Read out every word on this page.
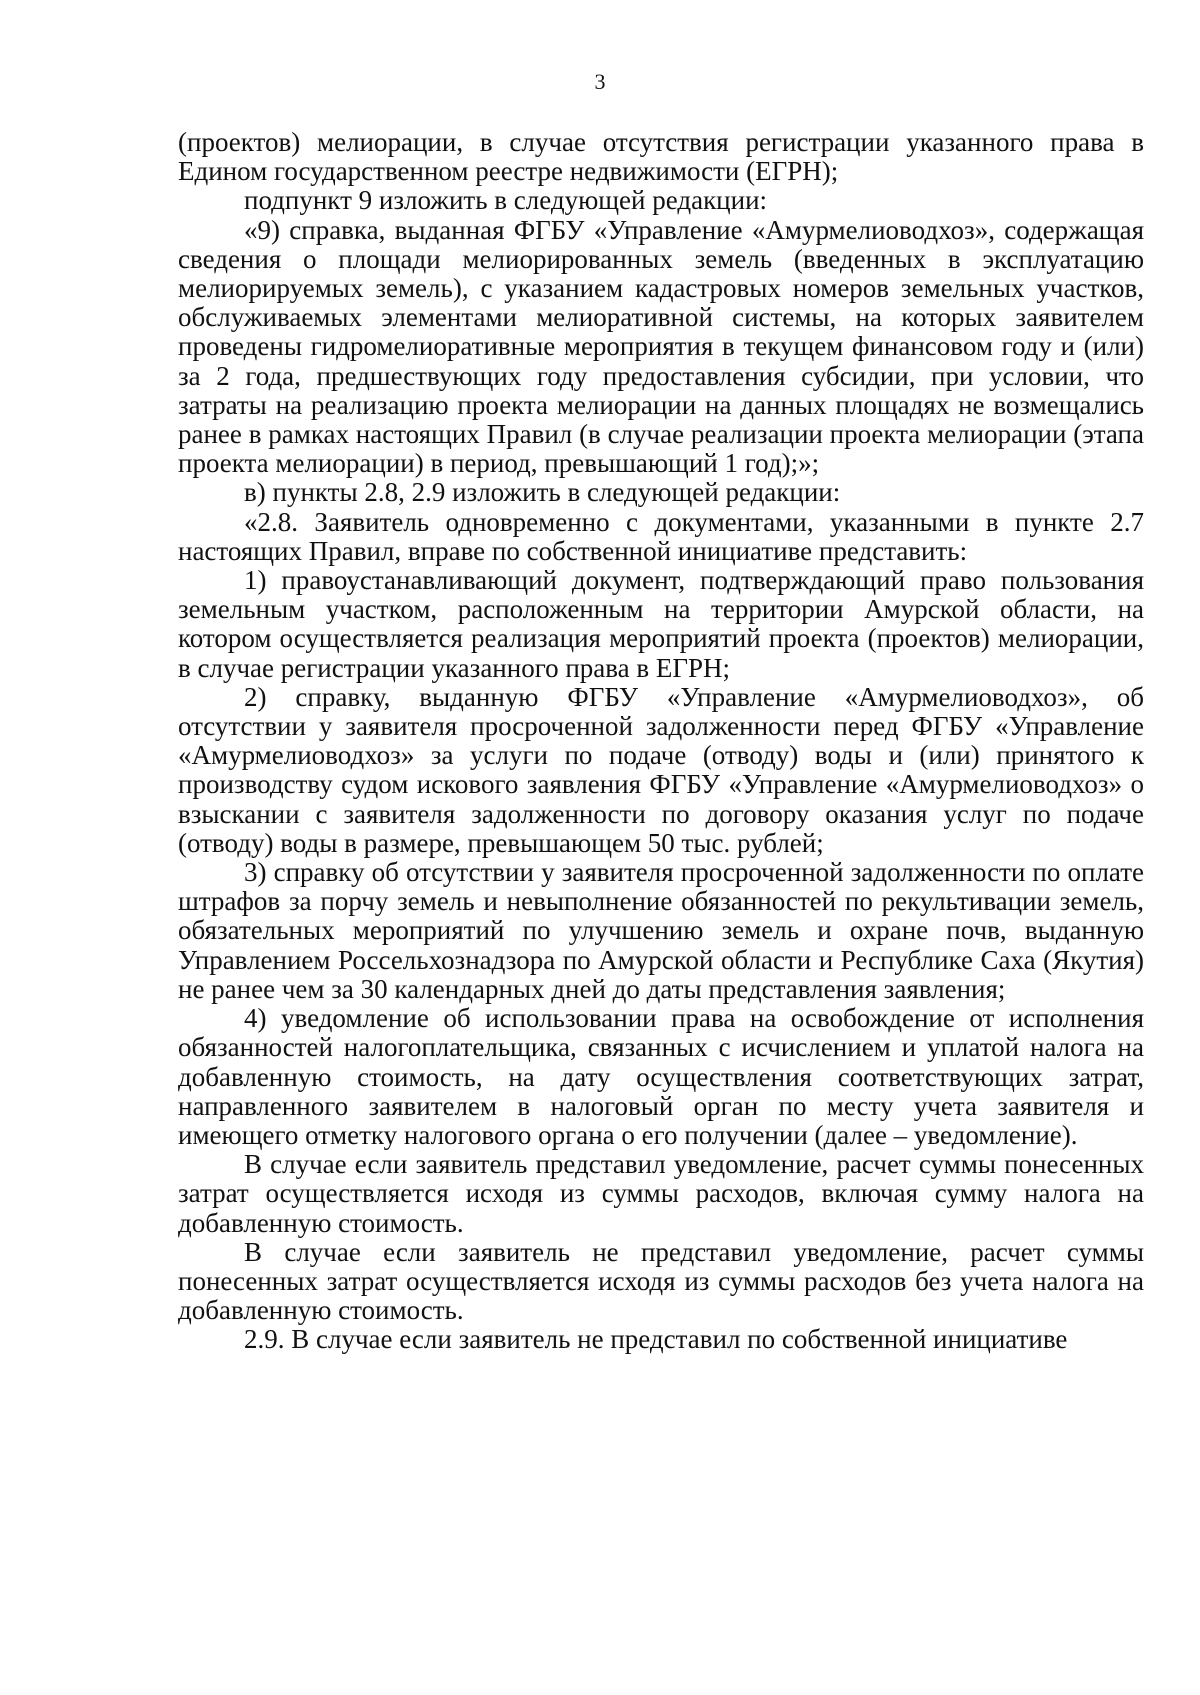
3

(проектов) мелиорации, в случае отсутствия регистрации указанного права в Едином государственном реестре недвижимости (ЕГРН);

подпункт 9 изложить в следующей редакции:

«9) справка, выданная ФГБУ «Управление «Амурмелиоводхоз», содержащая сведения о площади мелиорированных земель (введенных в эксплуатацию мелиорируемых земель), с указанием кадастровых номеров земельных участков, обслуживаемых элементами мелиоративной системы, на которых заявителем проведены гидромелиоративные мероприятия в текущем финансовом году и (или) за 2 года, предшествующих году предоставления субсидии, при условии, что затраты на реализацию проекта мелиорации на данных площадях не возмещались ранее в рамках настоящих Правил (в случае реализации проекта мелиорации (этапа проекта мелиорации) в период, превышающий 1 год);»;

в) пункты 2.8, 2.9 изложить в следующей редакции:

«2.8. Заявитель одновременно с документами, указанными в пункте 2.7 настоящих Правил, вправе по собственной инициативе представить:

1) правоустанавливающий документ, подтверждающий право пользования земельным участком, расположенным на территории Амурской области, на котором осуществляется реализация мероприятий проекта (проектов) мелиорации, в случае регистрации указанного права в ЕГРН;

2) справку, выданную ФГБУ «Управление «Амурмелиоводхоз», об отсутствии у заявителя просроченной задолженности перед ФГБУ «Управление «Амурмелиоводхоз» за услуги по подаче (отводу) воды и (или) принятого к производству судом искового заявления ФГБУ «Управление «Амурмелиоводхоз» о взыскании с заявителя задолженности по договору оказания услуг по подаче (отводу) воды в размере, превышающем 50 тыс. рублей;

3) справку об отсутствии у заявителя просроченной задолженности по оплате штрафов за порчу земель и невыполнение обязанностей по рекультивации земель, обязательных мероприятий по улучшению земель и охране почв, выданную Управлением Россельхознадзора по Амурской области и Республике Саха (Якутия) не ранее чем за 30 календарных дней до даты представления заявления;

4) уведомление об использовании права на освобождение от исполнения обязанностей налогоплательщика, связанных с исчислением и уплатой налога на добавленную стоимость, на дату осуществления соответствующих затрат, направленного заявителем в налоговый орган по месту учета заявителя и имеющего отметку налогового органа о его получении (далее – уведомление).

В случае если заявитель представил уведомление, расчет суммы понесенных затрат осуществляется исходя из суммы расходов, включая сумму налога на добавленную стоимость.

В случае если заявитель не представил уведомление, расчет суммы понесенных затрат осуществляется исходя из суммы расходов без учета налога на добавленную стоимость.

2.9. В случае если заявитель не представил по собственной инициативе
